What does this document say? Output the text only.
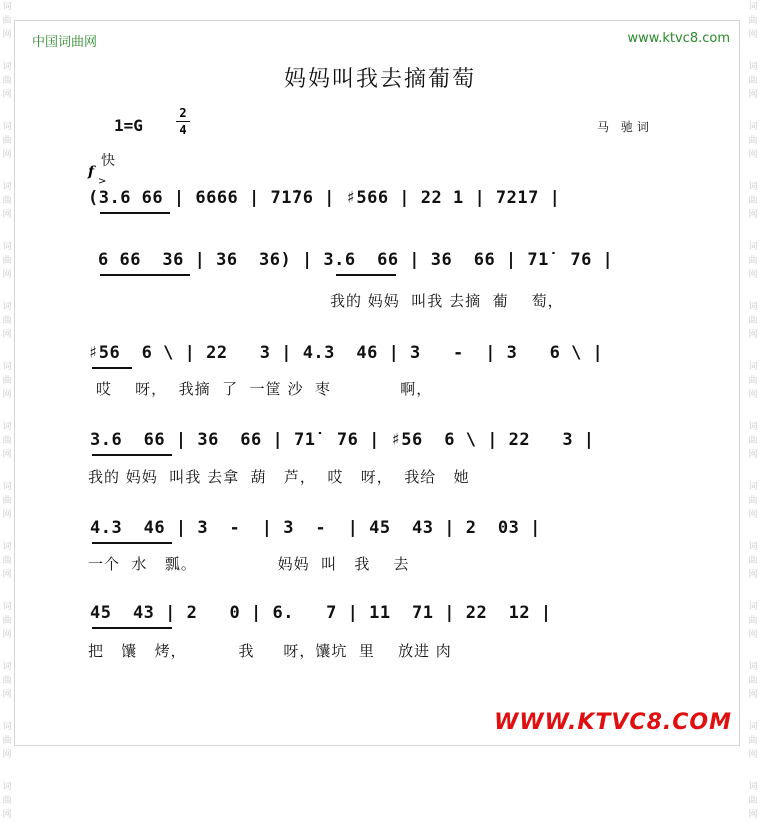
词
曲
网
词
曲
网
词
曲
网
词
曲
网
词
曲
网
词
曲
网
词
曲
网
词
曲
网
词
曲
网
词
曲
网
词
曲
网
词
曲
网
词
曲
网
词
曲
网
词
曲
网
词
曲
网
词
曲
网
词
曲
网
词
曲
网
词
曲
网
词
曲
网
词
曲
网
词
曲
网
词
曲
网
词
曲
网
词
曲
网
词
曲
网
词
曲
网
中国词曲网	www.ktvc8.com
妈妈叫我去摘葡萄
1=G
2
4	马 驰词
快
f
>
(3.6 66 | 6666 | 71̇76 | ♯566 | 22 1 | 7217 |
6 66  36 | 36  36) | 3.6  66 | 36  66 | 71̇  76 |
我的 妈妈  叫我 去摘  葡    萄，
♯56  6 \ | 22   3 | 4.3  46 | 3   -  | 3   6 \ |
哎    呀，  我摘  了  一筐 沙  枣            啊，
3.6  66 | 36  66 | 71̇  76 | ♯56  6 \ | 22   3 |
我的 妈妈  叫我 去拿  葫   芦，  哎   呀，  我给   她
4.3  46 | 3  -  | 3  -  | 45  43 | 2  03 |
一个  水   瓢。              妈妈  叫   我    去
45  43 | 2   0 | 6.   7 | 11  71 | 22  12 |
把   馕   烤，         我     呀，馕坑  里    放进 肉
WWW.KTVC8.COM
